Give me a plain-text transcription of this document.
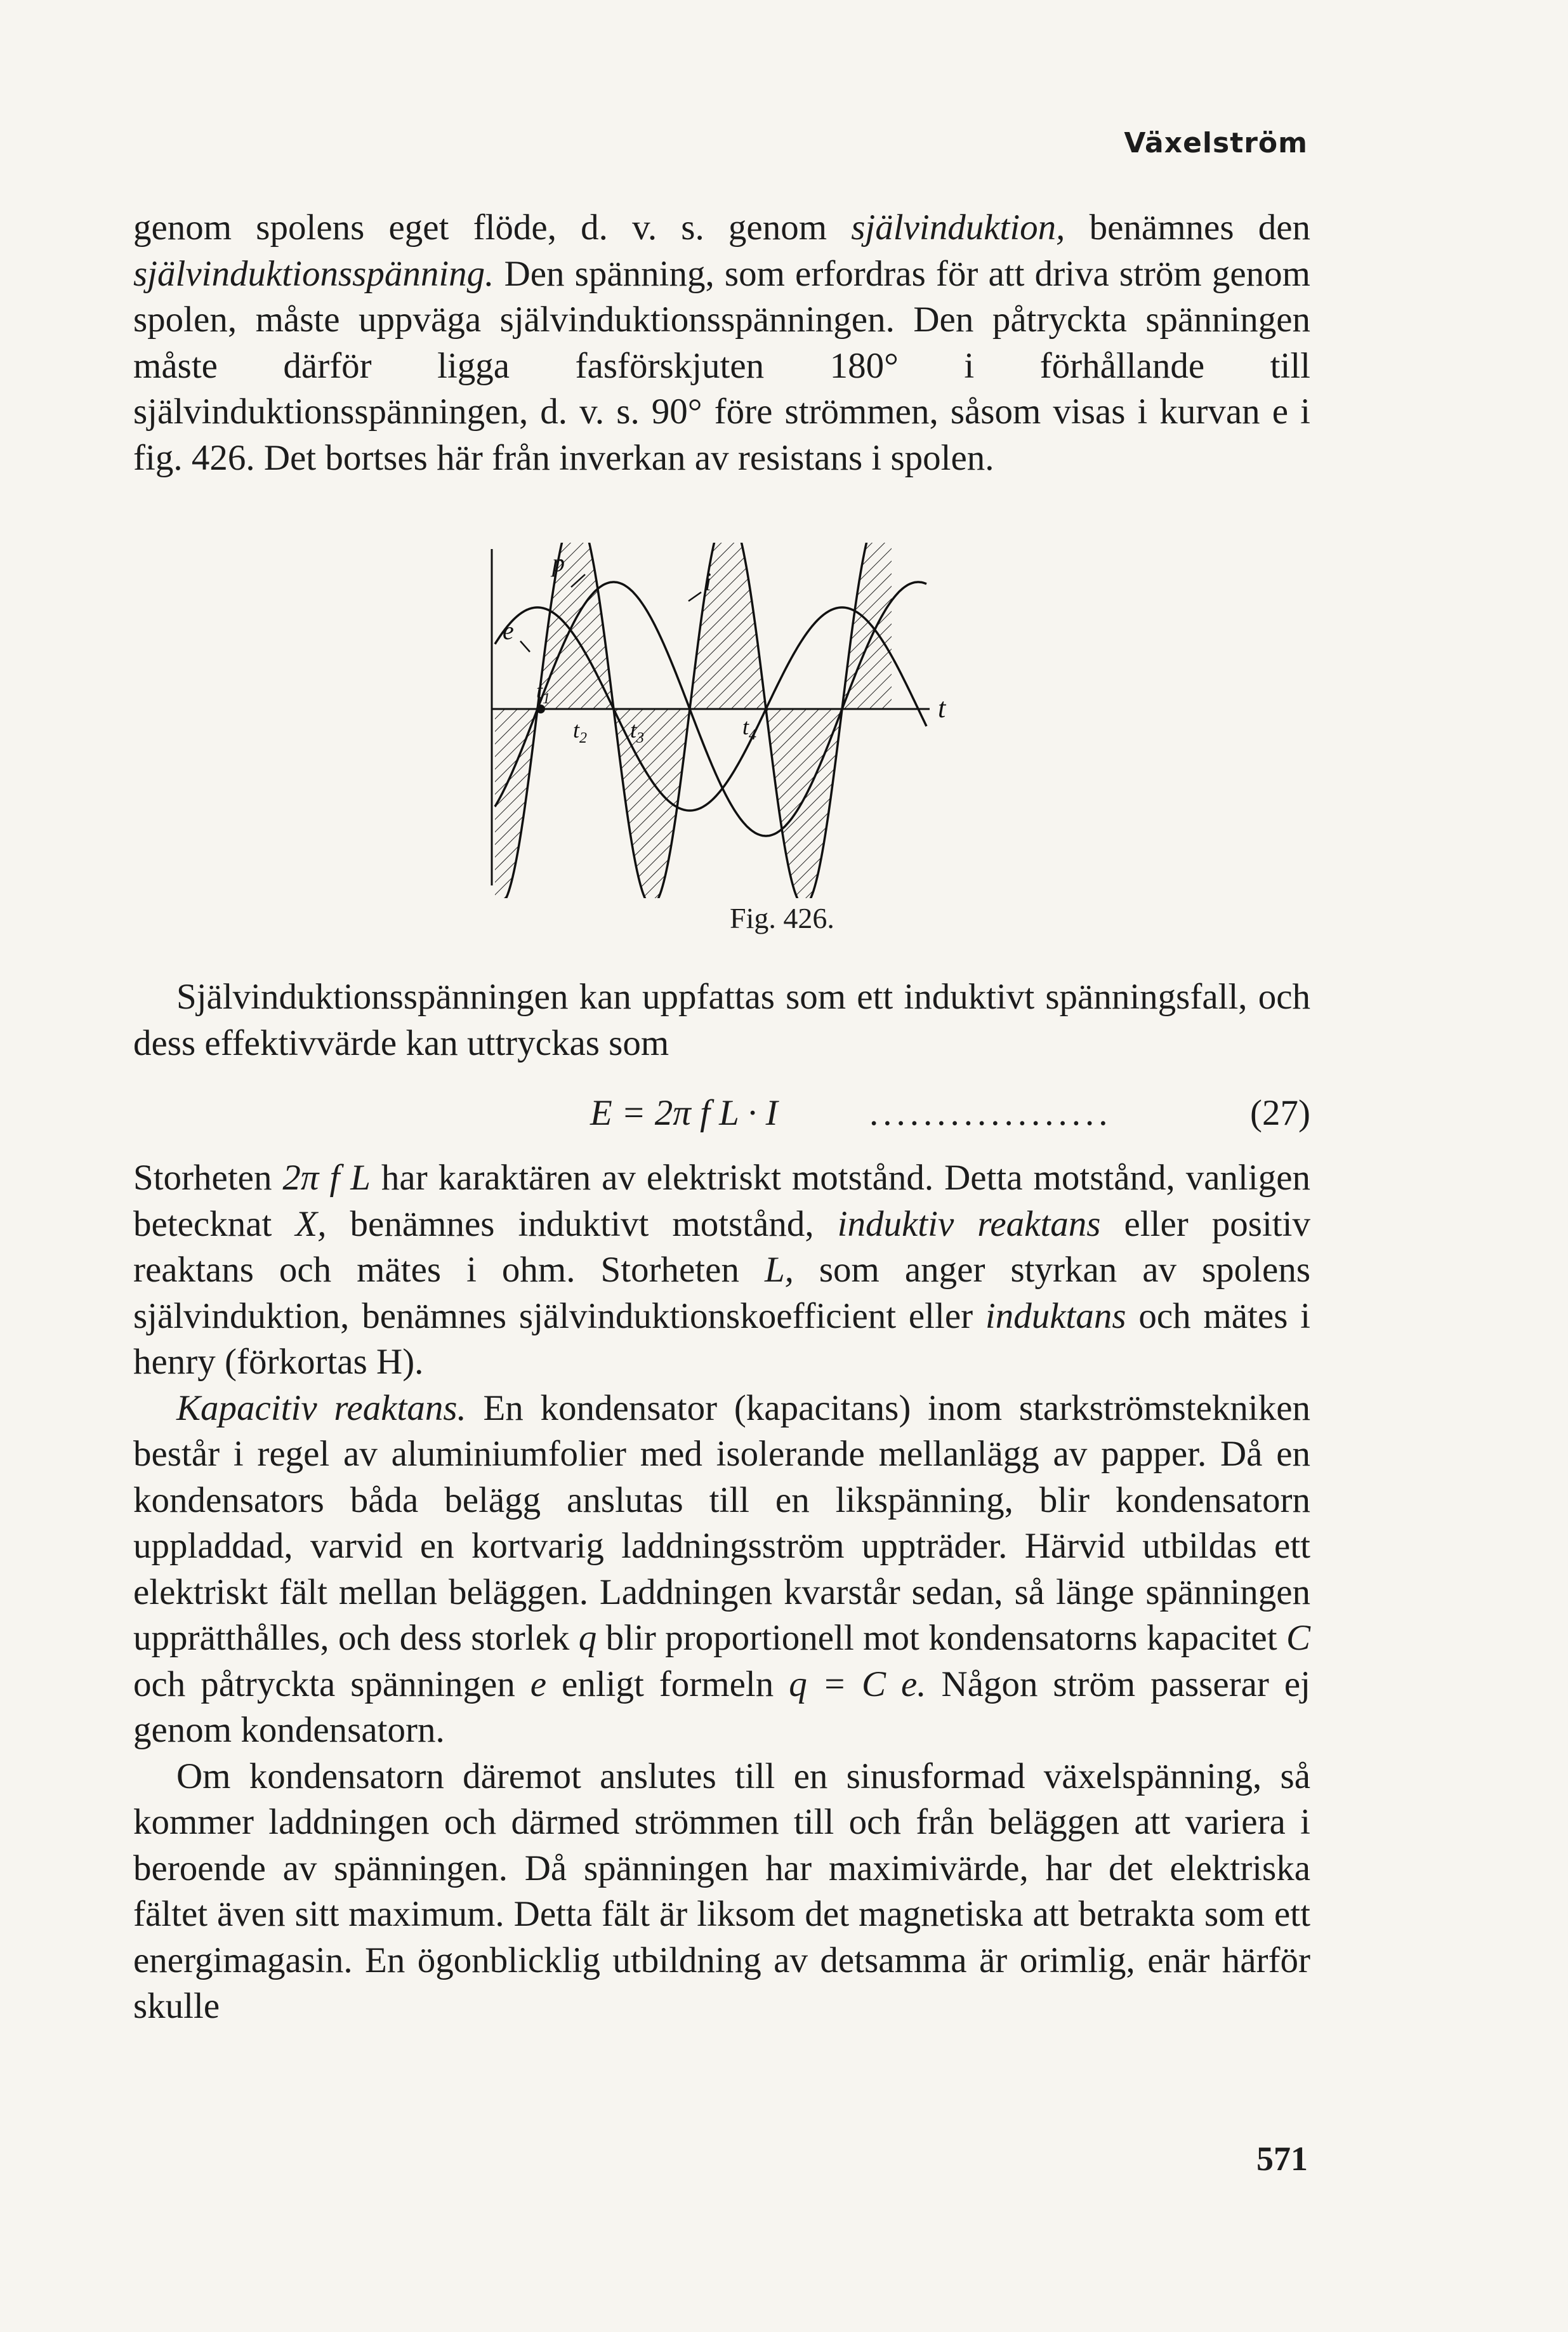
Växelström

genom spolens eget flöde, d. v. s. genom självinduktion, benämnes den självinduktionsspänning. Den spänning, som erfordras för att driva ström genom spolen, måste uppväga självinduktionsspänningen. Den påtryckta spänningen måste därför ligga fasförskjuten 180° i förhållande till självinduktionsspänningen, d. v. s. 90° före strömmen, såsom visas i kurvan e i fig. 426. Det bortses här från inverkan av resistans i spolen.

p
i
e
t
$t_1$
$t_2$ $t_3$	$t_4$
Fig. 426.
Självinduktionsspänningen kan uppfattas som ett induktivt spänningsfall, och dess effektivvärde kan uttryckas som
E = 2π f L · I	..................	(27)

Storheten 2π f L har karaktären av elektriskt motstånd. Detta motstånd, vanligen betecknat X, benämnes induktivt motstånd, induktiv reaktans eller positiv reaktans och mätes i ohm. Storheten L, som anger styrkan av spolens självinduktion, benämnes självinduktionskoefficient eller induktans och mätes i henry (förkortas H).

Kapacitiv reaktans. En kondensator (kapacitans) inom starkströmstekniken består i regel av aluminiumfolier med isolerande mellanlägg av papper. Då en kondensators båda belägg anslutas till en likspänning, blir kondensatorn uppladdad, varvid en kortvarig laddningsström uppträder. Härvid utbildas ett elektriskt fält mellan beläggen. Laddningen kvarstår sedan, så länge spänningen upprätthålles, och dess storlek q blir proportionell mot kondensatorns kapacitet C och påtryckta spänningen e enligt formeln q = C e. Någon ström passerar ej genom kondensatorn.

Om kondensatorn däremot anslutes till en sinusformad växelspänning, så kommer laddningen och därmed strömmen till och från beläggen att variera i beroende av spänningen. Då spänningen har maximivärde, har det elektriska fältet även sitt maximum. Detta fält är liksom det magnetiska att betrakta som ett energimagasin. En ögonblicklig utbildning av detsamma är orimlig, enär härför skulle

571
